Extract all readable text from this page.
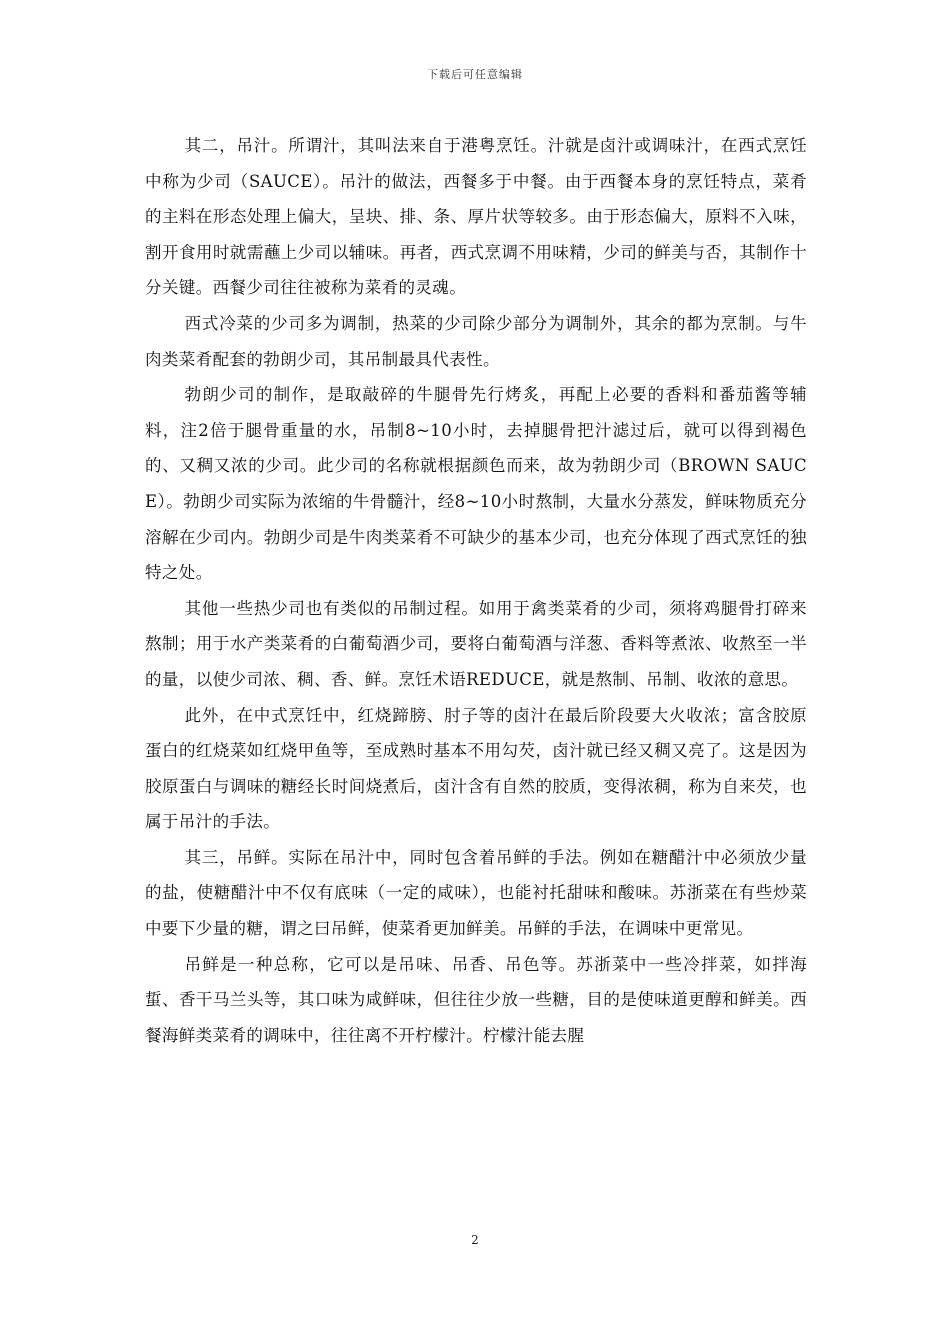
下载后可任意编辑

其二，吊汁。所谓汁，其叫法来自于港粤烹饪。汁就是卤汁或调味汁，在西式烹饪中称为少司（SAUCE）。吊汁的做法，西餐多于中餐。由于西餐本身的烹饪特点，菜肴的主料在形态处理上偏大，呈块、排、条、厚片状等较多。由于形态偏大，原料不入味，割开食用时就需蘸上少司以辅味。再者，西式烹调不用味精，少司的鲜美与否，其制作十分关键。西餐少司往往被称为菜肴的灵魂。

西式冷菜的少司多为调制，热菜的少司除少部分为调制外，其余的都为烹制。与牛肉类菜肴配套的勃朗少司，其吊制最具代表性。

勃朗少司的制作，是取敲碎的牛腿骨先行烤炙，再配上必要的香料和番茄酱等辅料，注2倍于腿骨重量的水，吊制8~10小时，去掉腿骨把汁滤过后，就可以得到褐色的、又稠又浓的少司。此少司的名称就根据颜色而来，故为勃朗少司（BROWN SAUCE）。勃朗少司实际为浓缩的牛骨髓汁，经8~10小时熬制，大量水分蒸发，鲜味物质充分溶解在少司内。勃朗少司是牛肉类菜肴不可缺少的基本少司，也充分体现了西式烹饪的独特之处。

其他一些热少司也有类似的吊制过程。如用于禽类菜肴的少司，须将鸡腿骨打碎来熬制；用于水产类菜肴的白葡萄酒少司，要将白葡萄酒与洋葱、香料等煮浓、收熬至一半的量，以使少司浓、稠、香、鲜。烹饪术语REDUCE，就是熬制、吊制、收浓的意思。

此外，在中式烹饪中，红烧蹄膀、肘子等的卤汁在最后阶段要大火收浓；富含胶原蛋白的红烧菜如红烧甲鱼等，至成熟时基本不用勾芡，卤汁就已经又稠又亮了。这是因为胶原蛋白与调味的糖经长时间烧煮后，卤汁含有自然的胶质，变得浓稠，称为自来芡，也属于吊汁的手法。

其三，吊鲜。实际在吊汁中，同时包含着吊鲜的手法。例如在糖醋汁中必须放少量的盐，使糖醋汁中不仅有底味（一定的咸味），也能衬托甜味和酸味。苏浙菜在有些炒菜中要下少量的糖，谓之曰吊鲜，使菜肴更加鲜美。吊鲜的手法，在调味中更常见。

吊鲜是一种总称，它可以是吊味、吊香、吊色等。苏浙菜中一些冷拌菜，如拌海蜇、香干马兰头等，其口味为咸鲜味，但往往少放一些糖，目的是使味道更醇和鲜美。西餐海鲜类菜肴的调味中，往往离不开柠檬汁。柠檬汁能去腥

2
